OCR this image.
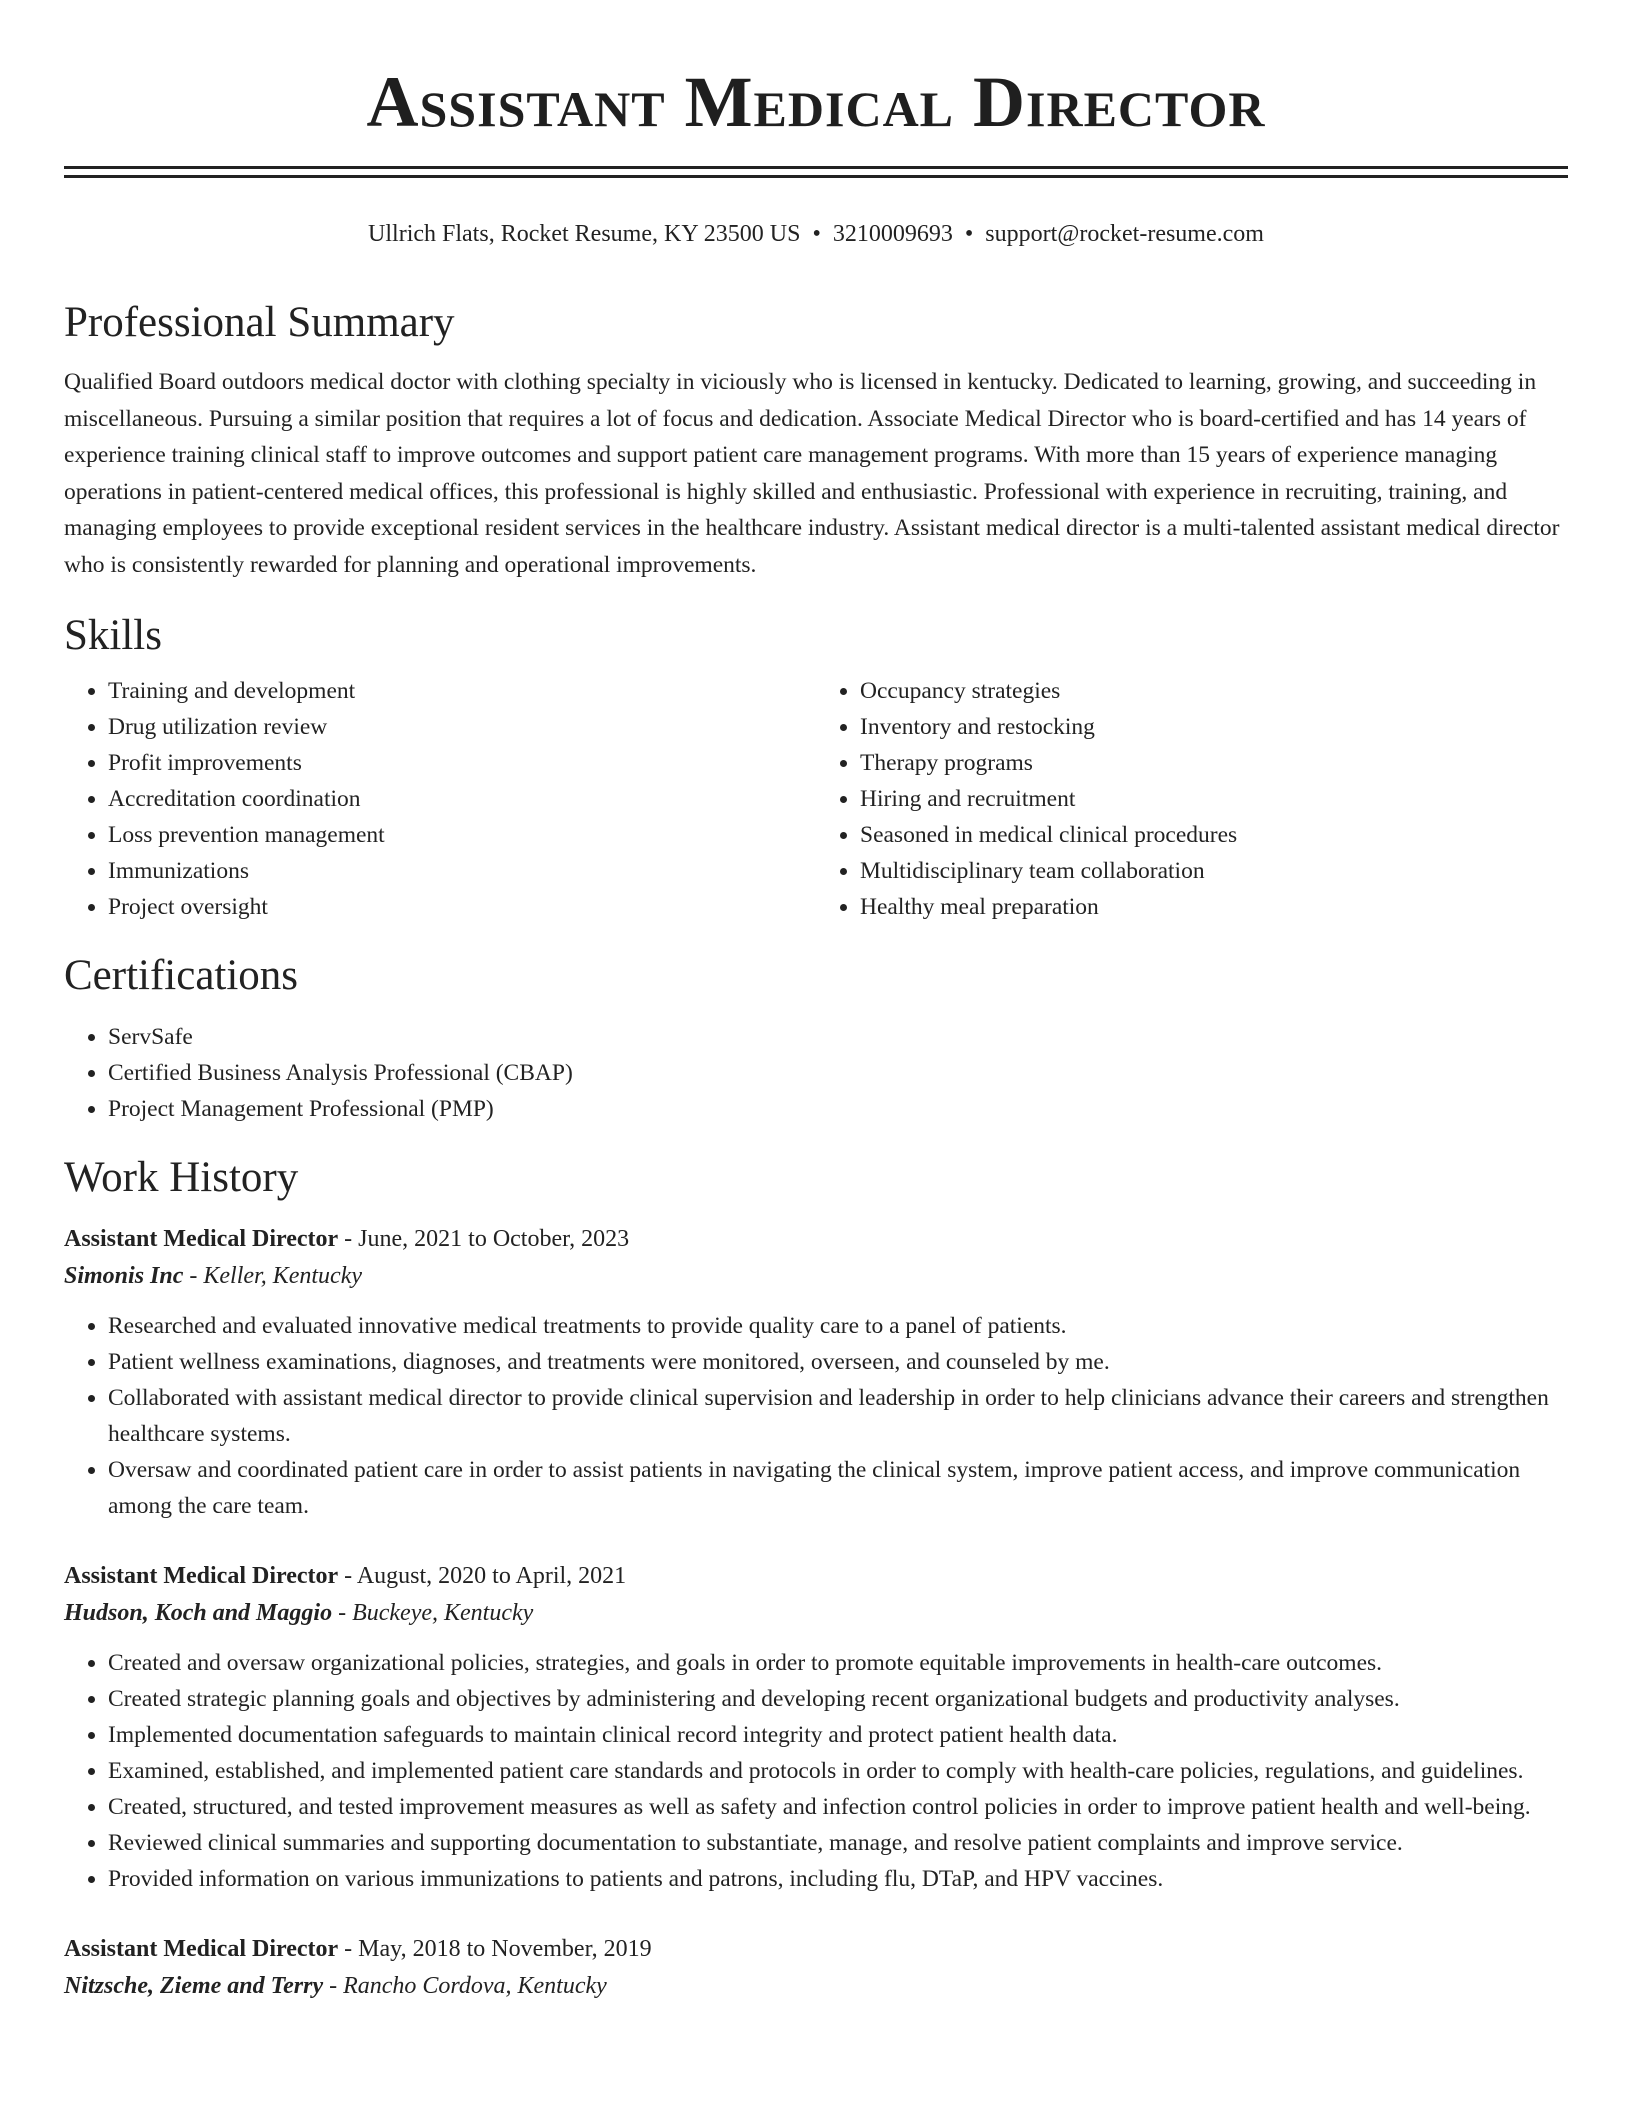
Assistant Medical Director
Ullrich Flats, Rocket Resume, KY 23500 US • 3210009693 • support@rocket-resume.com
Professional Summary
Qualified Board outdoors medical doctor with clothing specialty in viciously who is licensed in kentucky. Dedicated to learning, growing, and succeeding in miscellaneous. Pursuing a similar position that requires a lot of focus and dedication. Associate Medical Director who is board-certified and has 14 years of experience training clinical staff to improve outcomes and support patient care management programs. With more than 15 years of experience managing operations in patient-centered medical offices, this professional is highly skilled and enthusiastic. Professional with experience in recruiting, training, and managing employees to provide exceptional resident services in the healthcare industry. Assistant medical director is a multi-talented assistant medical director who is consistently rewarded for planning and operational improvements.
Skills
• Training and development
• Drug utilization review
• Profit improvements
• Accreditation coordination
• Loss prevention management
• Immunizations
• Project oversight
• Occupancy strategies
• Inventory and restocking
• Therapy programs
• Hiring and recruitment
• Seasoned in medical clinical procedures
• Multidisciplinary team collaboration
• Healthy meal preparation
Certifications
• ServSafe
• Certified Business Analysis Professional (CBAP)
• Project Management Professional (PMP)
Work History
Assistant Medical Director - June, 2021 to October, 2023
Simonis Inc - Keller, Kentucky
• Researched and evaluated innovative medical treatments to provide quality care to a panel of patients.
• Patient wellness examinations, diagnoses, and treatments were monitored, overseen, and counseled by me.
• Collaborated with assistant medical director to provide clinical supervision and leadership in order to help clinicians advance their careers and strengthen healthcare systems.
• Oversaw and coordinated patient care in order to assist patients in navigating the clinical system, improve patient access, and improve communication among the care team.
Assistant Medical Director - August, 2020 to April, 2021
Hudson, Koch and Maggio - Buckeye, Kentucky
• Created and oversaw organizational policies, strategies, and goals in order to promote equitable improvements in health-care outcomes.
• Created strategic planning goals and objectives by administering and developing recent organizational budgets and productivity analyses.
• Implemented documentation safeguards to maintain clinical record integrity and protect patient health data.
• Examined, established, and implemented patient care standards and protocols in order to comply with health-care policies, regulations, and guidelines.
• Created, structured, and tested improvement measures as well as safety and infection control policies in order to improve patient health and well-being.
• Reviewed clinical summaries and supporting documentation to substantiate, manage, and resolve patient complaints and improve service.
• Provided information on various immunizations to patients and patrons, including flu, DTaP, and HPV vaccines.
Assistant Medical Director - May, 2018 to November, 2019
Nitzsche, Zieme and Terry - Rancho Cordova, Kentucky
